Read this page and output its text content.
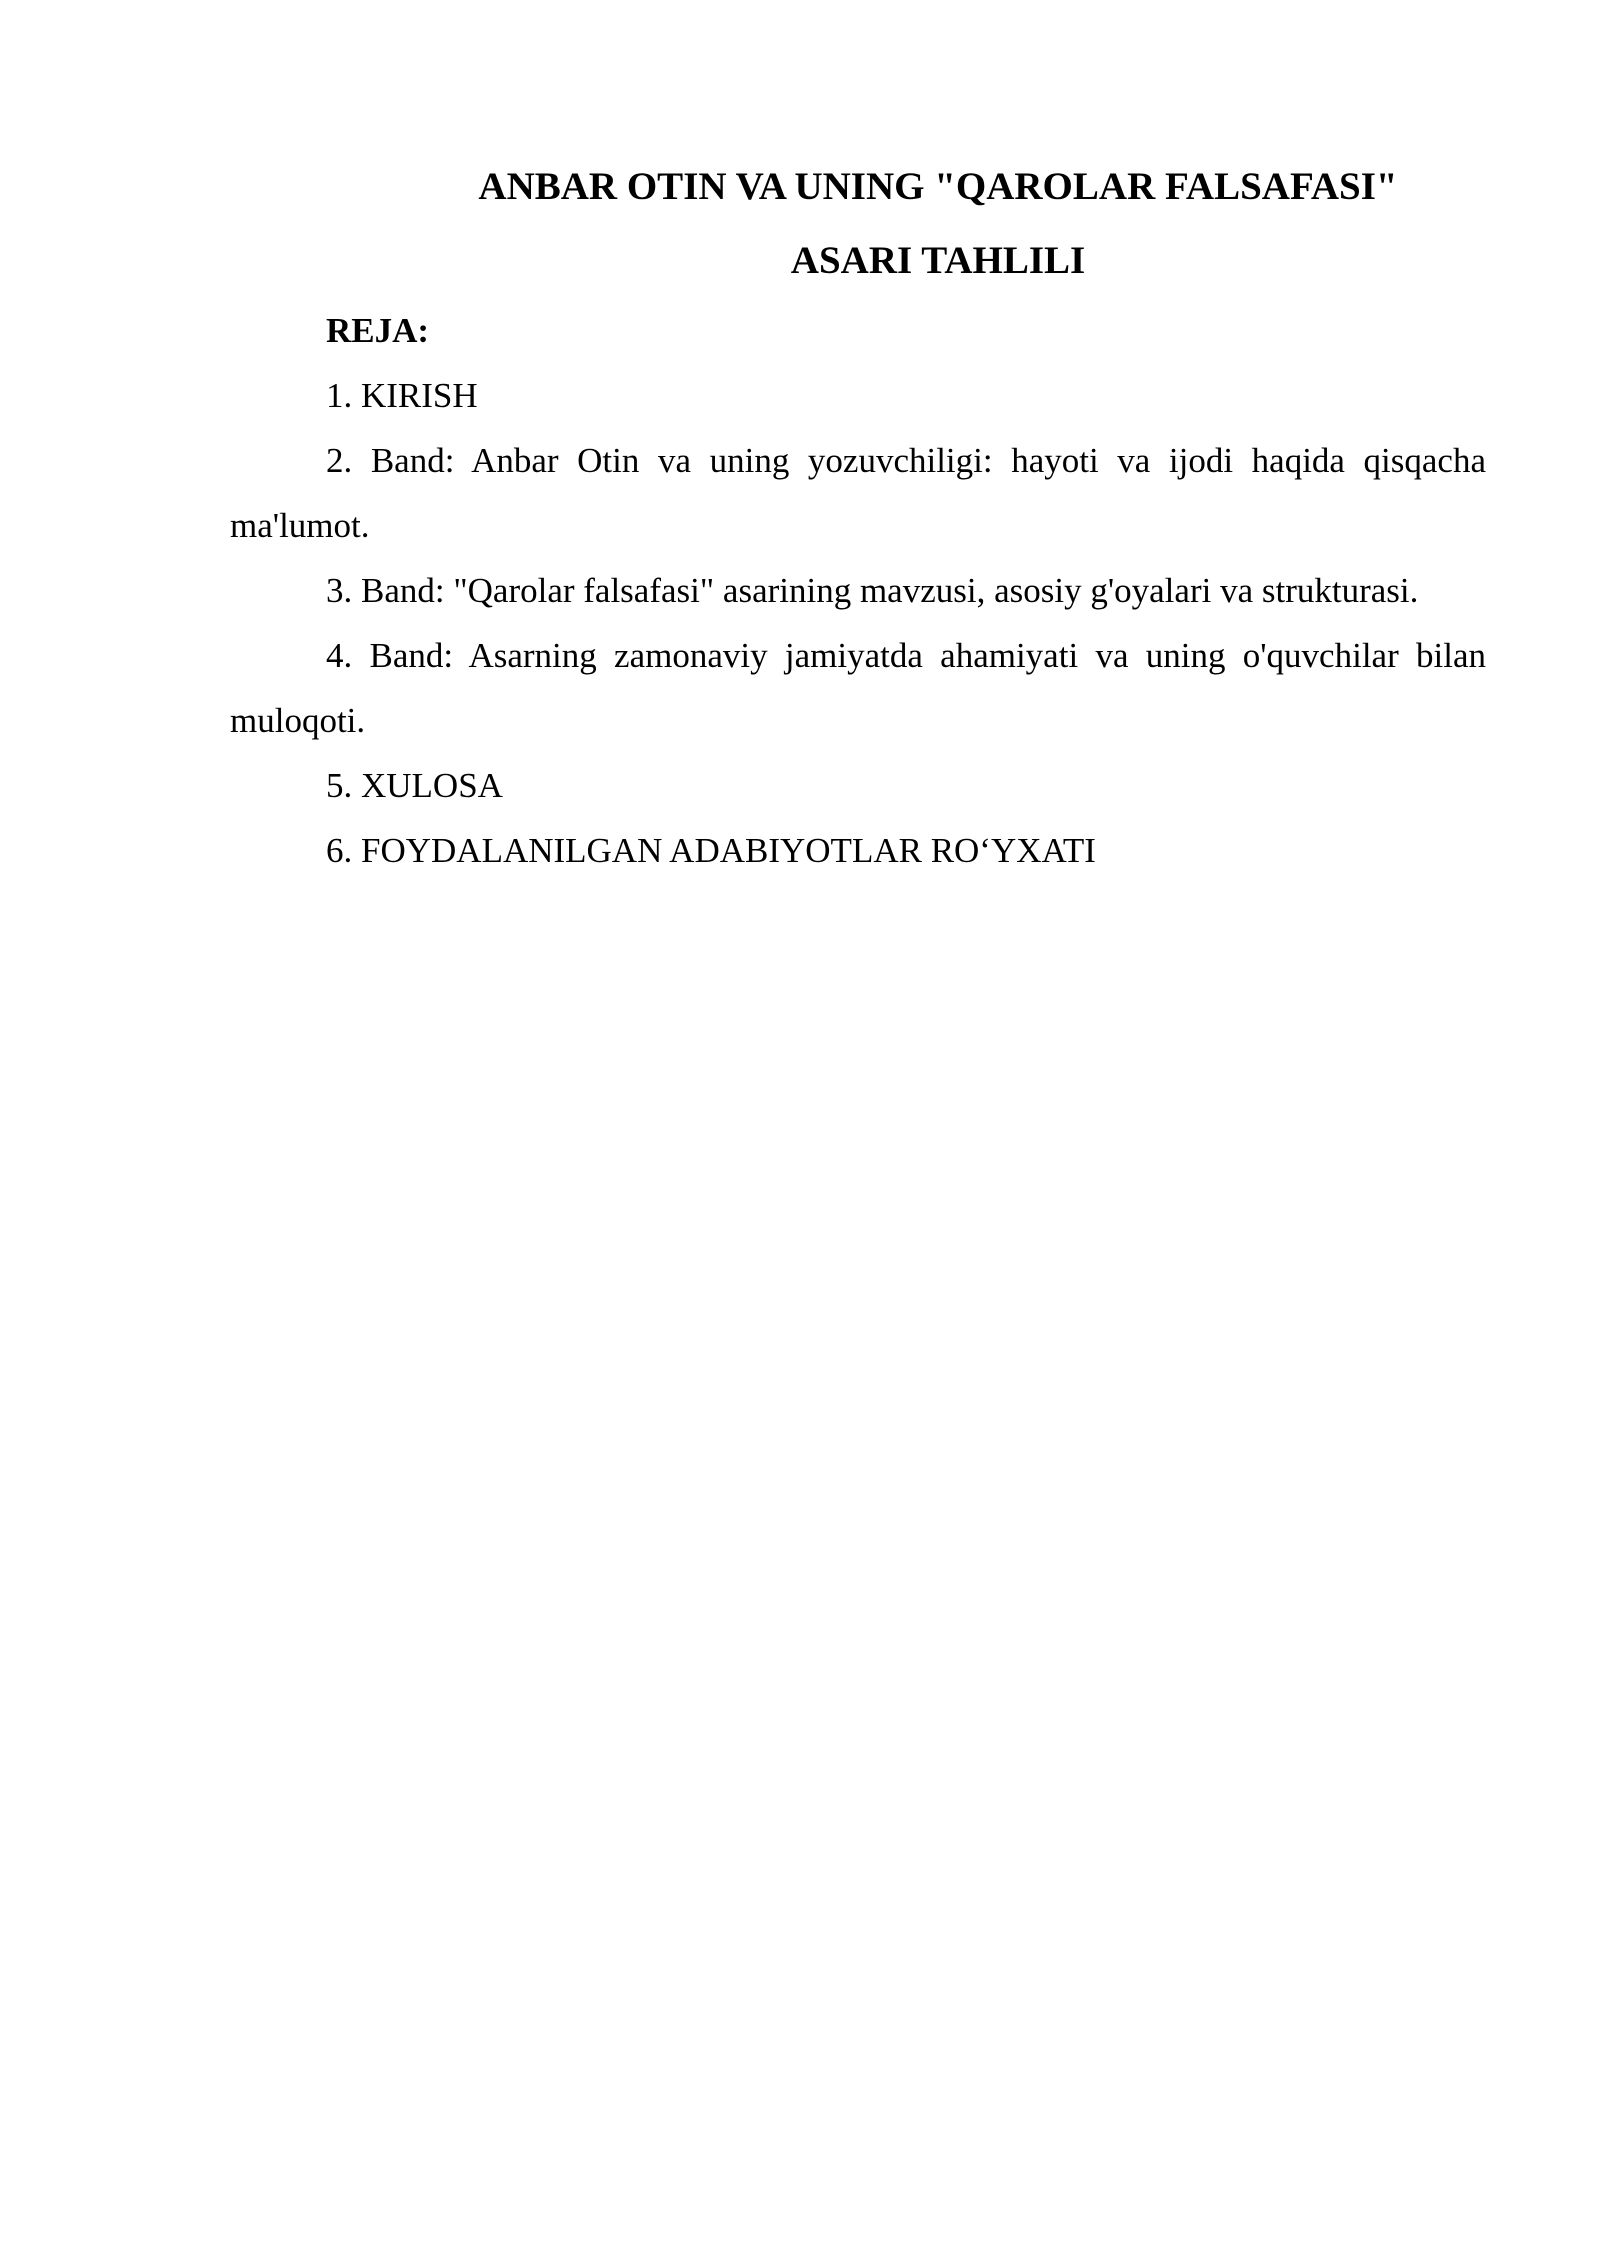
ANBAR OTIN VA UNING "QAROLAR FALSAFASI"

ASARI TAHLILI

REJA:

1. KIRISH

2. Band: Anbar Otin va uning yozuvchiligi: hayoti va ijodi haqida qisqacha ma'lumot.

3. Band: "Qarolar falsafasi" asarining mavzusi, asosiy g'oyalari va strukturasi.

4. Band: Asarning zamonaviy jamiyatda ahamiyati va uning o'quvchilar bilan muloqoti.

5. XULOSA

6. FOYDALANILGAN ADABIYOTLAR RO‘YXATI
